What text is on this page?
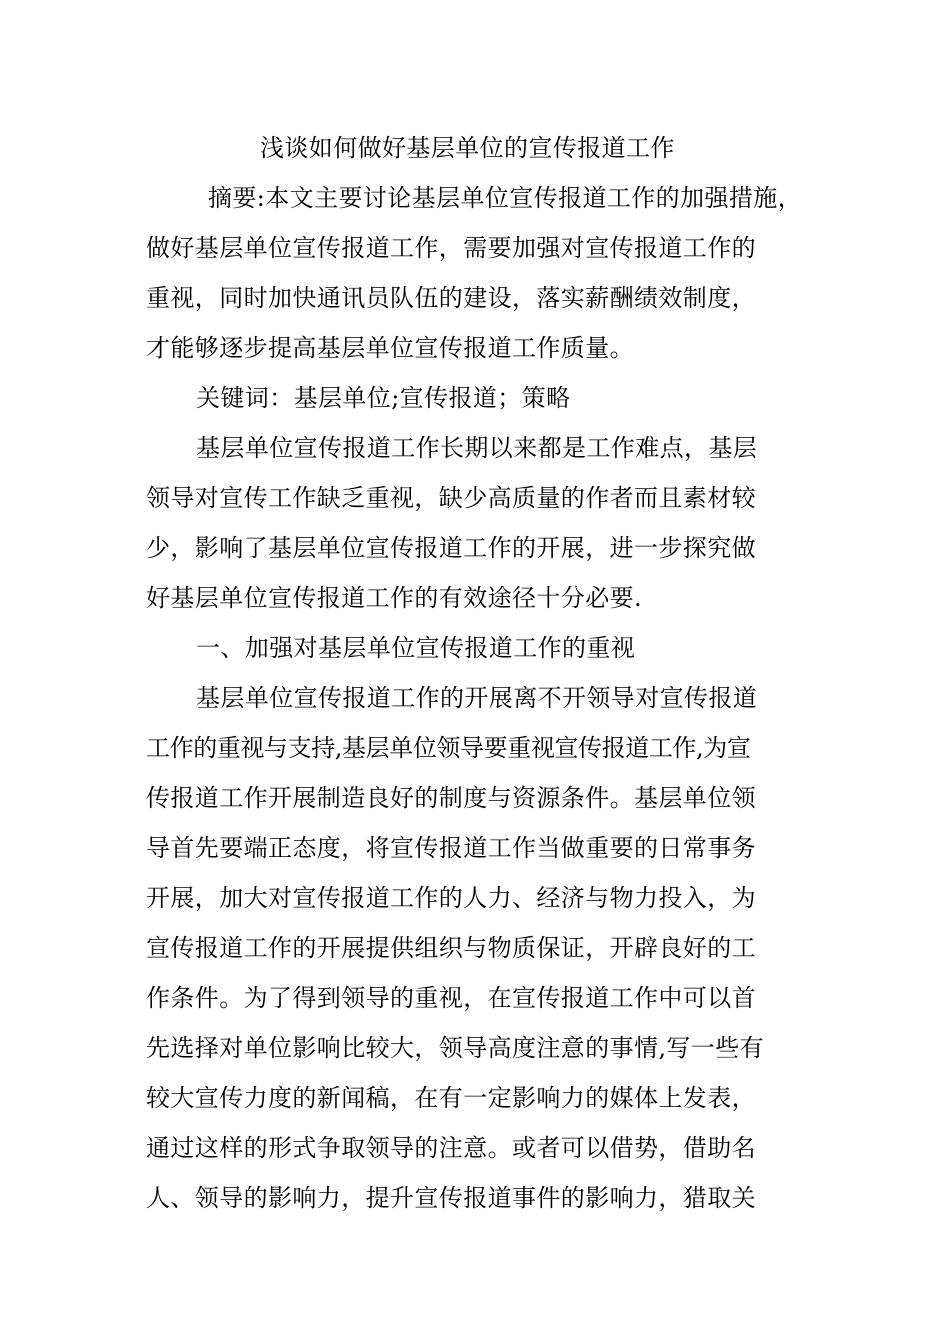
浅谈如何做好基层单位的宣传报道工作
摘要:本文主要讨论基层单位宣传报道工作的加强措施，
做好基层单位宣传报道工作，需要加强对宣传报道工作的
重视，同时加快通讯员队伍的建设，落实薪酬绩效制度，
才能够逐步提高基层单位宣传报道工作质量。
关键词：基层单位;宣传报道；策略
基层单位宣传报道工作长期以来都是工作难点，基层
领导对宣传工作缺乏重视，缺少高质量的作者而且素材较
少，影响了基层单位宣传报道工作的开展，进一步探究做
好基层单位宣传报道工作的有效途径十分必要.
一、加强对基层单位宣传报道工作的重视
基层单位宣传报道工作的开展离不开领导对宣传报道
工作的重视与支持,基层单位领导要重视宣传报道工作,为宣
传报道工作开展制造良好的制度与资源条件。基层单位领
导首先要端正态度，将宣传报道工作当做重要的日常事务
开展，加大对宣传报道工作的人力、经济与物力投入，为
宣传报道工作的开展提供组织与物质保证，开辟良好的工
作条件。为了得到领导的重视，在宣传报道工作中可以首
先选择对单位影响比较大，领导高度注意的事情,写一些有
较大宣传力度的新闻稿，在有一定影响力的媒体上发表，
通过这样的形式争取领导的注意。或者可以借势，借助名
人、领导的影响力，提升宣传报道事件的影响力，猎取关
